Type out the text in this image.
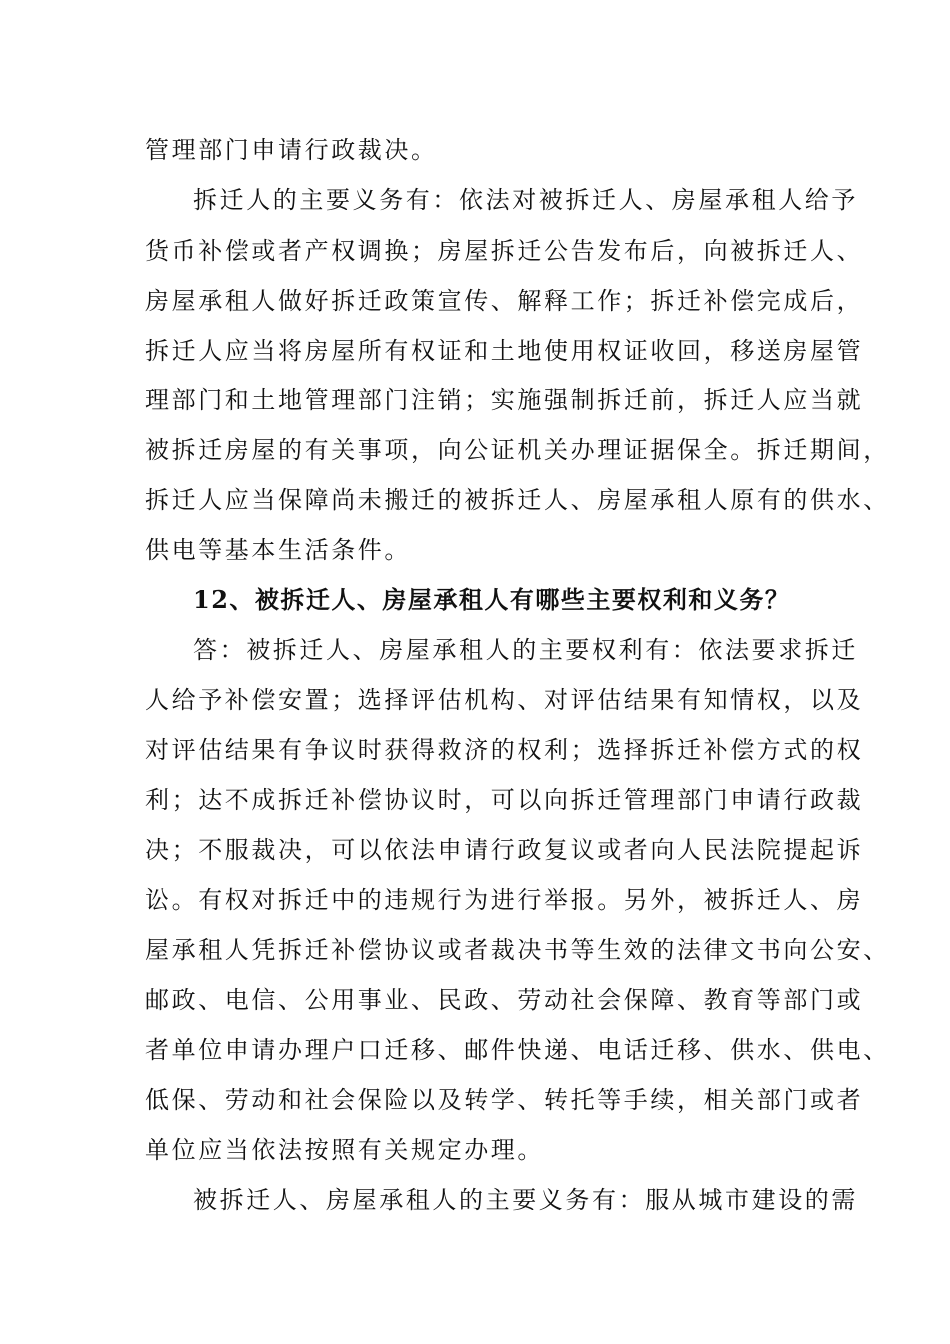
管理部门申请行政裁决。
拆迁人的主要义务有：依法对被拆迁人、房屋承租人给予
货币补偿或者产权调换；房屋拆迁公告发布后，向被拆迁人、
房屋承租人做好拆迁政策宣传、解释工作；拆迁补偿完成后，
拆迁人应当将房屋所有权证和土地使用权证收回，移送房屋管
理部门和土地管理部门注销；实施强制拆迁前，拆迁人应当就
被拆迁房屋的有关事项，向公证机关办理证据保全。拆迁期间，
拆迁人应当保障尚未搬迁的被拆迁人、房屋承租人原有的供水、
供电等基本生活条件。
12、被拆迁人、房屋承租人有哪些主要权利和义务？
答：被拆迁人、房屋承租人的主要权利有：依法要求拆迁
人给予补偿安置；选择评估机构、对评估结果有知情权，以及
对评估结果有争议时获得救济的权利；选择拆迁补偿方式的权
利；达不成拆迁补偿协议时，可以向拆迁管理部门申请行政裁
决；不服裁决，可以依法申请行政复议或者向人民法院提起诉
讼。有权对拆迁中的违规行为进行举报。另外，被拆迁人、房
屋承租人凭拆迁补偿协议或者裁决书等生效的法律文书向公安、
邮政、电信、公用事业、民政、劳动社会保障、教育等部门或
者单位申请办理户口迁移、邮件快递、电话迁移、供水、供电、
低保、劳动和社会保险以及转学、转托等手续，相关部门或者
单位应当依法按照有关规定办理。
被拆迁人、房屋承租人的主要义务有：服从城市建设的需
